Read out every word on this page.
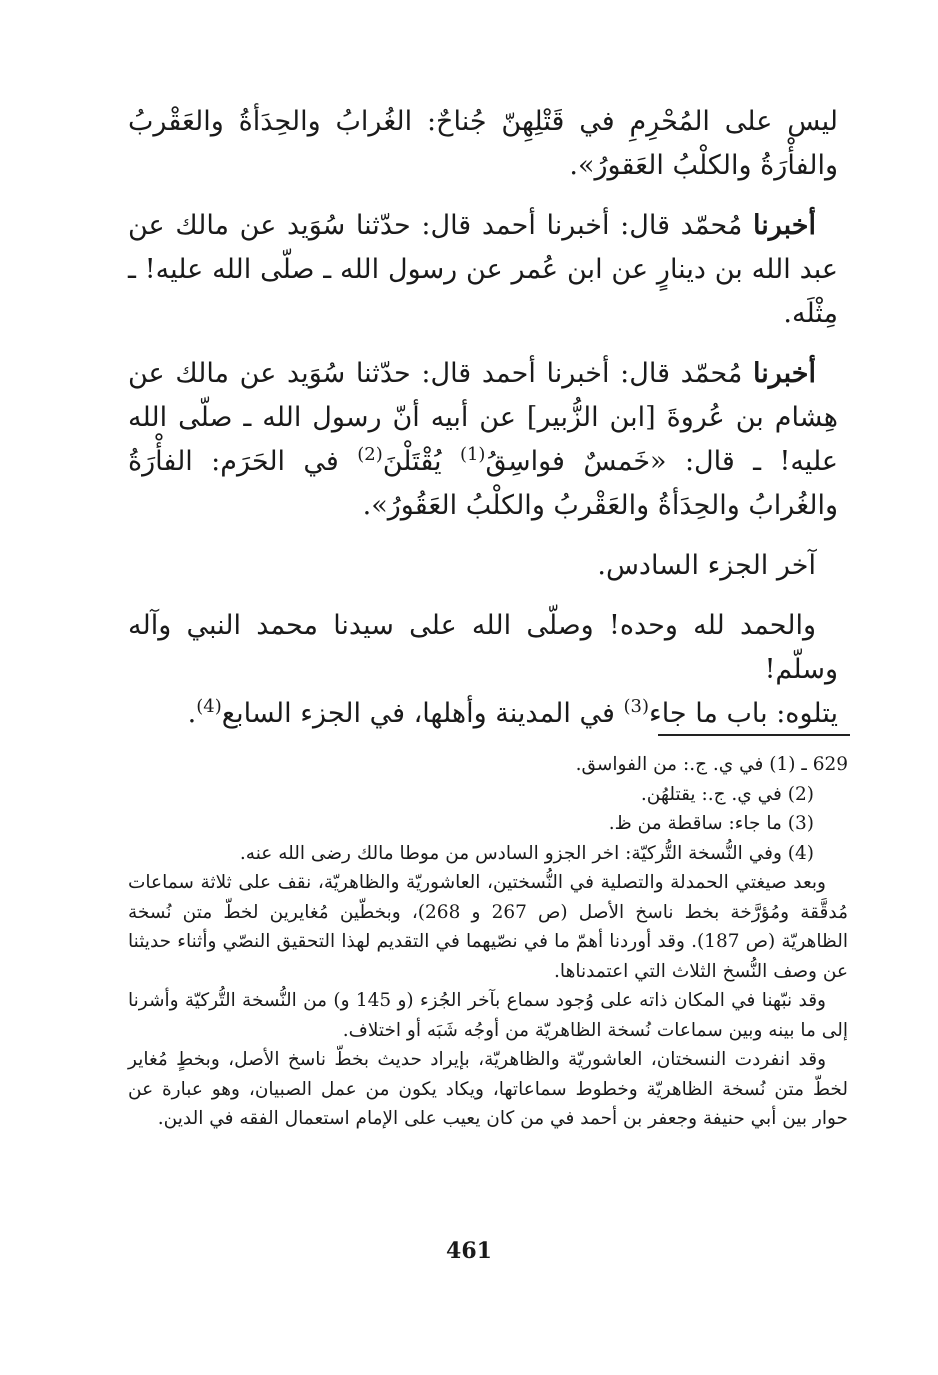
ليس على المُحْرِمِ في قَتْلِهِنّ جُناحٌ: الغُرابُ والحِدَأةُ والعَقْربُ والفأْرَةُ والكلْبُ العَقورُ».

أخبرنا مُحمّد قال: أخبرنا أحمد قال: حدّثنا سُوَيد عن مالك عن عبد الله بن دينارٍ عن ابن عُمر عن رسول الله ـ صلّى الله عليه! ـ مِثْلَه.

أخبرنا مُحمّد قال: أخبرنا أحمد قال: حدّثنا سُوَيد عن مالك عن هِشام بن عُروةَ [ابن الزُّبير] عن أبيه أنّ رسول الله ـ صلّى الله عليه! ـ قال: «خَمسٌ فواسِقُ$^{(1)}$ يُقْتَلْنَ$^{(2)}$ في الحَرَم: الفأْرَةُ والغُرابُ والحِدَأةُ والعَقْربُ والكلْبُ العَقُورُ».

آخر الجزء السادس.

والحمد لله وحده! وصلّى الله على سيدنا محمد النبي وآله وسلّم!

يتلوه: باب ما جاء$^{(3)}$ في المدينة وأهلها، في الجزء السابع$^{(4)}$.

629 ـ (1) في ي. ج.: من الفواسق.

(2) في ي. ج.: يقتلهُن.

(3) ما جاء: ساقطة من ظ.

(4) وفي النُّسخة التُّركيّة: اخر الجزو السادس من موطا مالك رضى الله عنه.

وبعد صيغتي الحمدلة والتصلية في النُّسختين، العاشوريّة والظاهريّة، نقف على ثلاثة سماعات مُدقَّقة ومُؤرَّخة بخط ناسخ الأصل (ص 267 و 268)، وبخطّين مُغايرين لخطّ متن نُسخة الظاهريّة (ص 187). وقد أوردنا أهمّ ما في نصّيهما في التقديم لهذا التحقيق النصّي وأثناء حديثنا عن وصف النُّسخ الثلاث التي اعتمدناها.

وقد نبّهنا في المكان ذاته على وُجود سماع بآخر الجُزء (و 145 و) من النُّسخة التُّركيّة وأشرنا إلى ما بينه وبين سماعات نُسخة الظاهريّة من أوجُه شَبَه أو اختلاف.

وقد انفردت النسختان، العاشوريّة والظاهريّة، بإيراد حديث بخطّ ناسخ الأصل، وبخطٍ مُغاير لخطّ متن نُسخة الظاهريّة وخطوط سماعاتها، ويكاد يكون من عمل الصبيان، وهو عبارة عن حوار بين أبي حنيفة وجعفر بن أحمد في من كان يعيب على الإمام استعمال الفقه في الدين.

461
